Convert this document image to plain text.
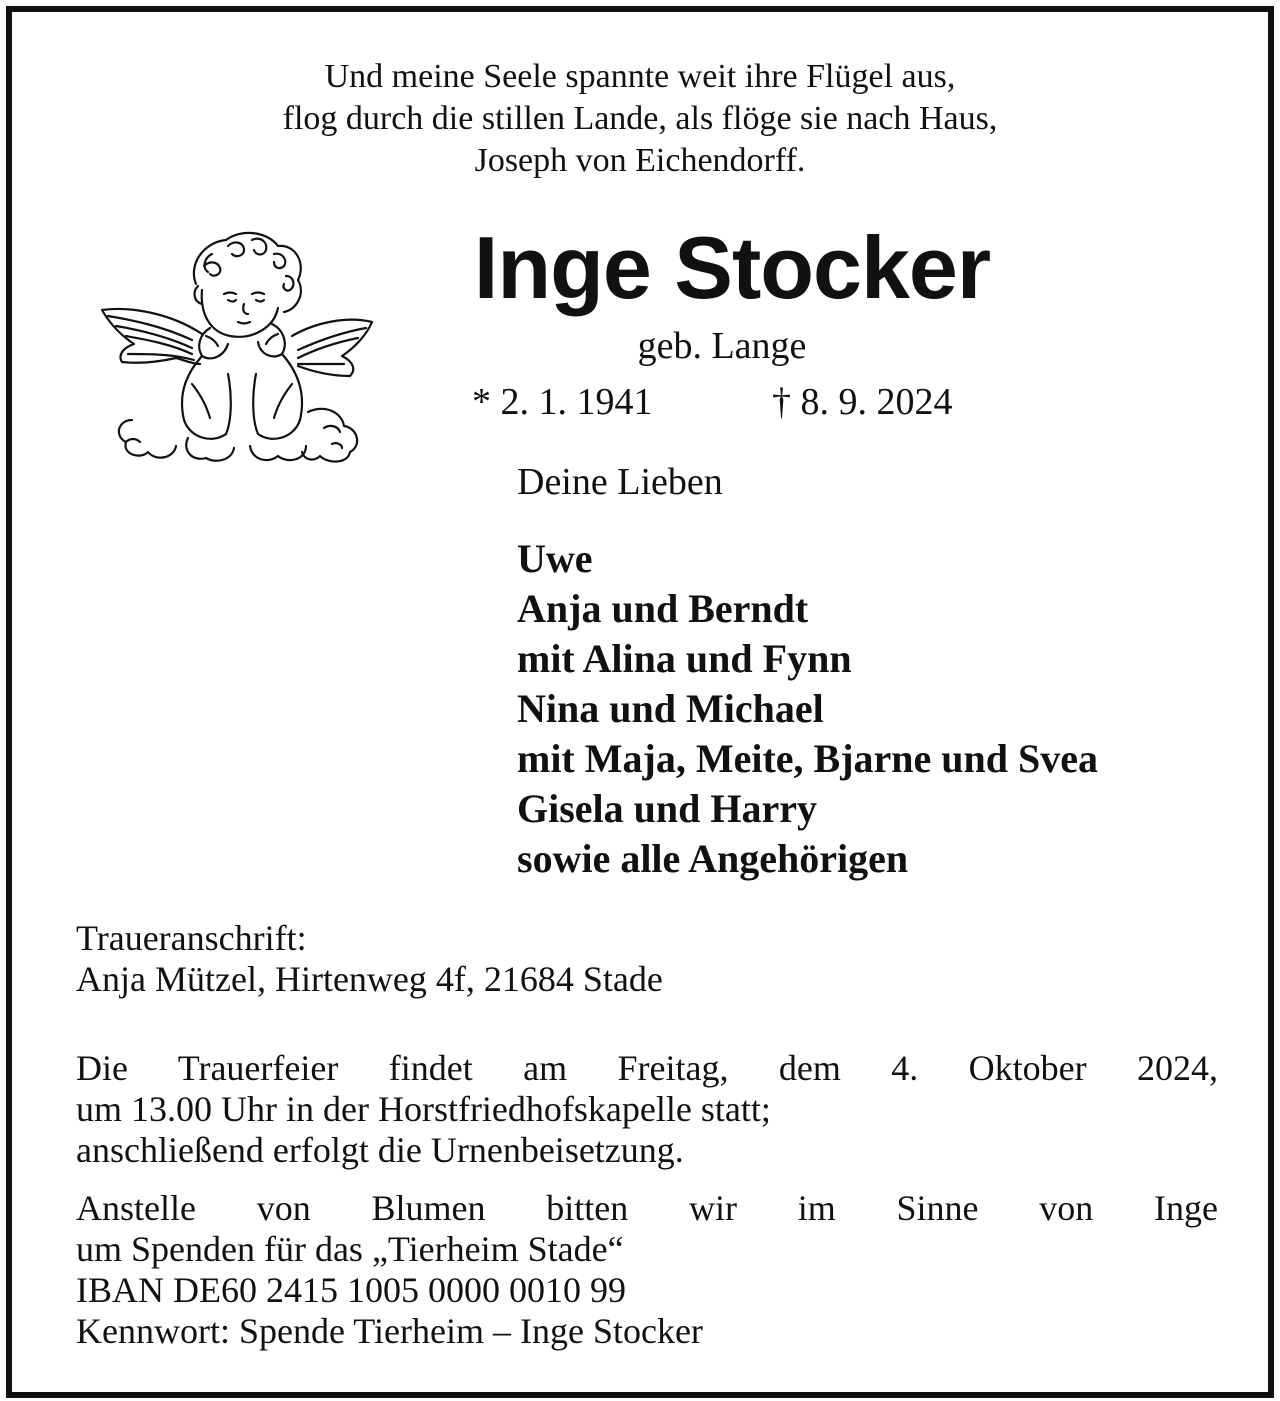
Und meine Seele spannte weit ihre Flügel aus,
flog durch die stillen Lande, als flöge sie nach Haus,
Joseph von Eichendorff.
Inge Stocker
geb. Lange
* 2. 1. 1941	† 8. 9. 2024
Deine Lieben
Uwe
Anja und Berndt
mit Alina und Fynn
Nina und Michael
mit Maja, Meite, Bjarne und Svea
Gisela und Harry
sowie alle Angehörigen
Traueranschrift:
Anja Mützel, Hirtenweg 4f, 21684 Stade
Die Trauerfeier findet am Freitag, dem 4. Oktober 2024,
um 13.00 Uhr in der Horstfriedhofskapelle statt;
anschließend erfolgt die Urnenbeisetzung.
Anstelle von Blumen bitten wir im Sinne von Inge
um Spenden für das „Tierheim Stade“
IBAN DE60 2415 1005 0000 0010 99
Kennwort: Spende Tierheim – Inge Stocker
